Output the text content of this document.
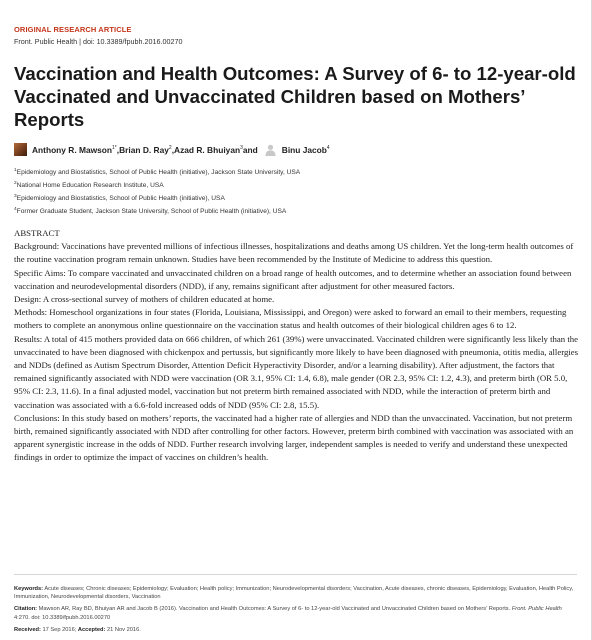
ORIGINAL RESEARCH ARTICLE
Front. Public Health | doi: 10.3389/fpubh.2016.00270
Vaccination and Health Outcomes: A Survey of 6- to 12-year-old Vaccinated and Unvaccinated Children based on Mothers’ Reports
Anthony R. Mawson$^{1*}$ , Brian D. Ray$^2$ , Azad R. Bhuiyan$^3$ and	Binu Jacob$^4$
$^1$Epidemiology and Biostatistics, School of Public Health (initiative), Jackson State University, USA
$^2$National Home Education Research Institute, USA
$^3$Epidemiology and Biostatistics, School of Public Health (initiative), USA
$^4$Former Graduate Student, Jackson State University, School of Public Health (initiative), USA

ABSTRACT

Background: Vaccinations have prevented millions of infectious illnesses, hospitalizations and deaths among US children. Yet the long-term health outcomes of the routine vaccination program remain unknown. Studies have been recommended by the Institute of Medicine to address this question.

Specific Aims: To compare vaccinated and unvaccinated children on a broad range of health outcomes, and to determine whether an association found between vaccination and neurodevelopmental disorders (NDD), if any, remains significant after adjustment for other measured factors.

Design: A cross-sectional survey of mothers of children educated at home.

Methods: Homeschool organizations in four states (Florida, Louisiana, Mississippi, and Oregon) were asked to forward an email to their members, requesting mothers to complete an anonymous online questionnaire on the vaccination status and health outcomes of their biological children ages 6 to 12.

Results: A total of 415 mothers provided data on 666 children, of which 261 (39%) were unvaccinated. Vaccinated children were significantly less likely than the unvaccinated to have been diagnosed with chickenpox and pertussis, but significantly more likely to have been diagnosed with pneumonia, otitis media, allergies and NDDs (defined as Autism Spectrum Disorder, Attention Deficit Hyperactivity Disorder, and/or a learning disability). After adjustment, the factors that remained significantly associated with NDD were vaccination (OR 3.1, 95% CI: 1.4, 6.8), male gender (OR 2.3, 95% CI: 1.2, 4.3), and preterm birth (OR 5.0, 95% CI: 2.3, 11.6). In a final adjusted model, vaccination but not preterm birth remained associated with NDD, while the interaction of preterm birth and vaccination was associated with a 6.6-fold increased odds of NDD (95% CI: 2.8, 15.5).

Conclusions: In this study based on mothers’ reports, the vaccinated had a higher rate of allergies and NDD than the unvaccinated. Vaccination, but not preterm birth, remained significantly associated with NDD after controlling for other factors. However, preterm birth combined with vaccination was associated with an apparent synergistic increase in the odds of NDD. Further research involving larger, independent samples is needed to verify and understand these unexpected findings in order to optimize the impact of vaccines on children’s health.

Keywords: Acute diseases; Chronic diseases; Epidemiology; Evaluation; Health policy; Immunization; Neurodevelopmental disorders; Vaccination, Acute diseases, chronic diseases, Epidemiology, Evaluation, Health Policy, Immunization, Neurodevelopmental disorders, Vaccination

Citation: Mawson AR, Ray BD, Bhuiyan AR and Jacob B (2016). Vaccination and Health Outcomes: A Survey of 6- to 12-year-old Vaccinated and Unvaccinated Children based on Mothers’ Reports. Front. Public Health 4:270. doi: 10.3389/fpubh.2016.00270

Received: 17 Sep 2016; Accepted: 21 Nov 2016.
